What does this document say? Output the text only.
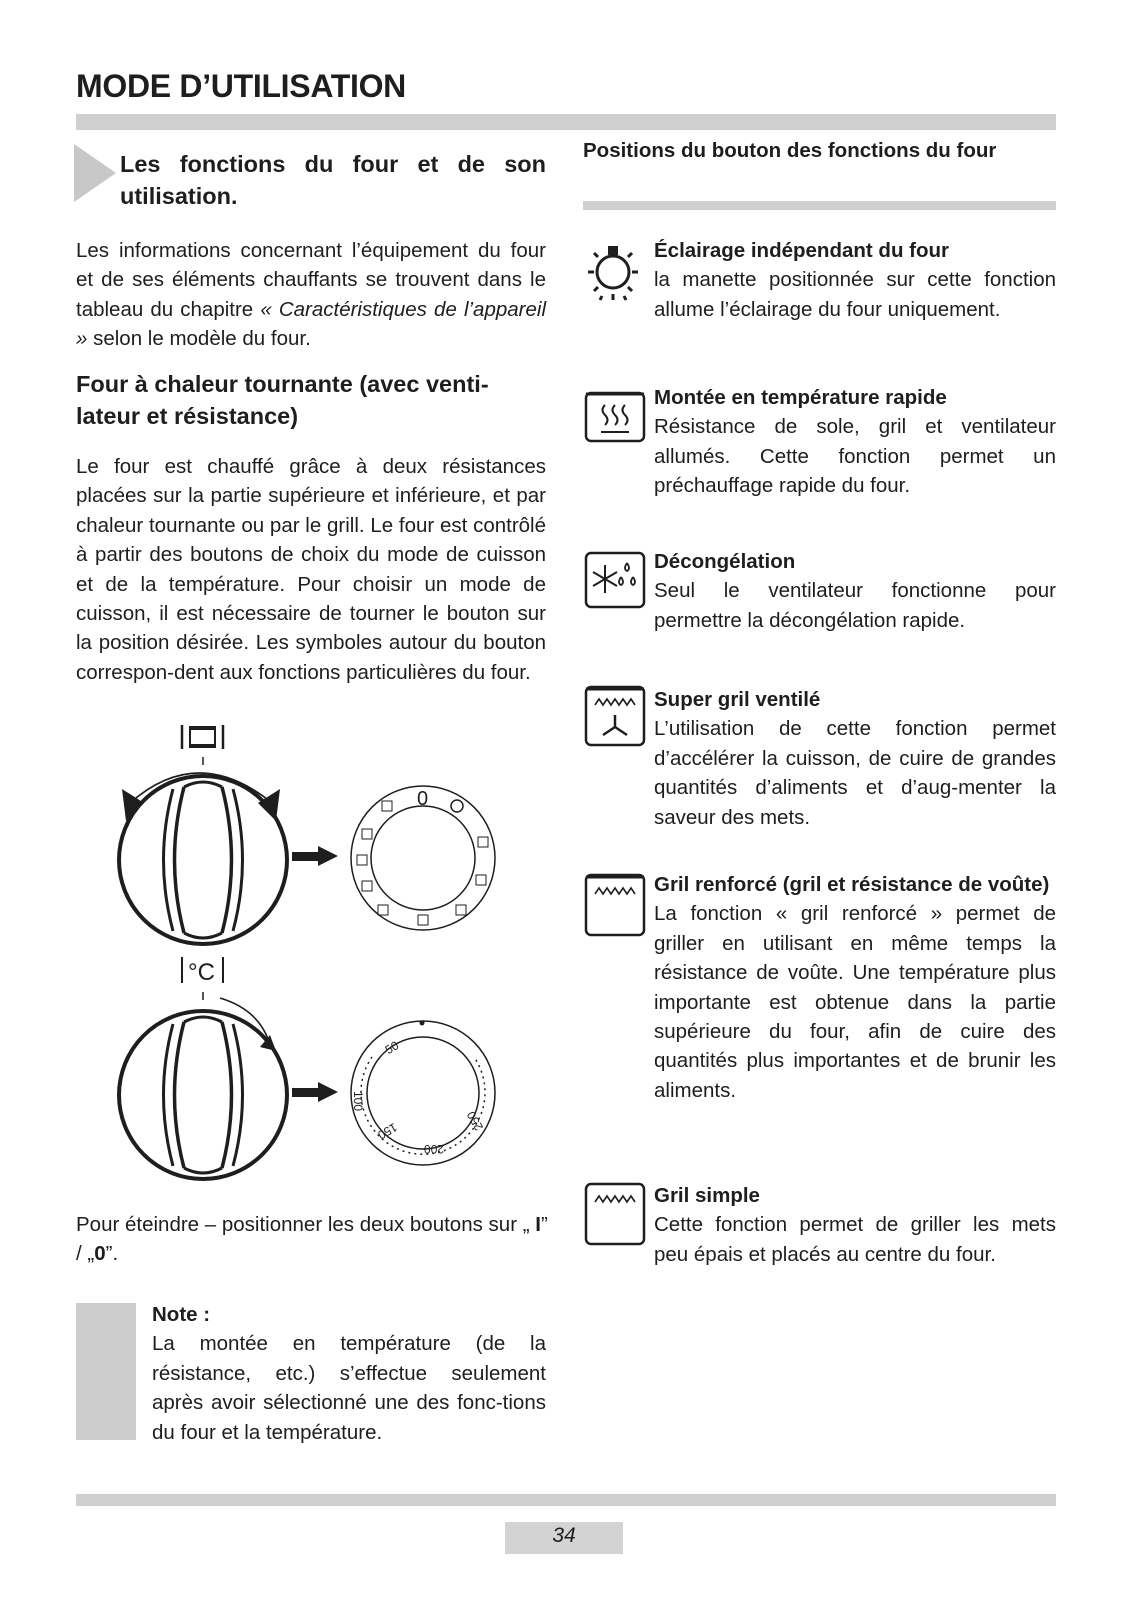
MODE D’UTILISATION
Les fonctions du four et de son utilisation.
Les informations concernant l’équipement du four et de ses éléments chauffants se trouvent dans le tableau du chapitre « Caractéristiques de l’appareil » selon le modèle du four.
Four à chaleur tournante (avec venti-lateur et résistance)
Le four est chauffé grâce à deux résistances placées sur la partie supérieure et inférieure, et par chaleur tournante ou par le grill. Le four est contrôlé à partir des boutons de choix du mode de cuisson et de la température. Pour choisir un mode de cuisson, il est nécessaire de tourner le bouton sur la position désirée. Les symboles autour du bouton correspon-dent aux fonctions particulières du four.
0
°C
50
100
150
200
250
Pour éteindre – positionner les deux boutons sur „ I” / „0”.
Note :
La montée en température (de la résistance, etc.) s’effectue seulement après avoir sélectionné une des fonc-tions du four et la température.
Positions du bouton des fonctions du four
Éclairage indépendant du four
la manette positionnée sur cette fonction allume l’éclairage du four uniquement.
Montée en température rapide
Résistance de sole, gril et ventilateur allumés. Cette fonction permet un préchauffage rapide du four.
Décongélation
Seul le ventilateur fonctionne pour permettre la décongélation rapide.
Super gril ventilé
L’utilisation de cette fonction permet d’accélérer la cuisson, de cuire de grandes quantités d’aliments et d’aug-menter la saveur des mets.
Gril renforcé (gril et résistance de voûte)
La fonction « gril renforcé » permet de griller en utilisant en même temps la résistance de voûte. Une température plus importante est obtenue dans la partie supérieure du four, afin de cuire des quantités plus importantes et de brunir les aliments.
Gril simple
Cette fonction permet de griller les mets peu épais et placés au centre du four.
34
